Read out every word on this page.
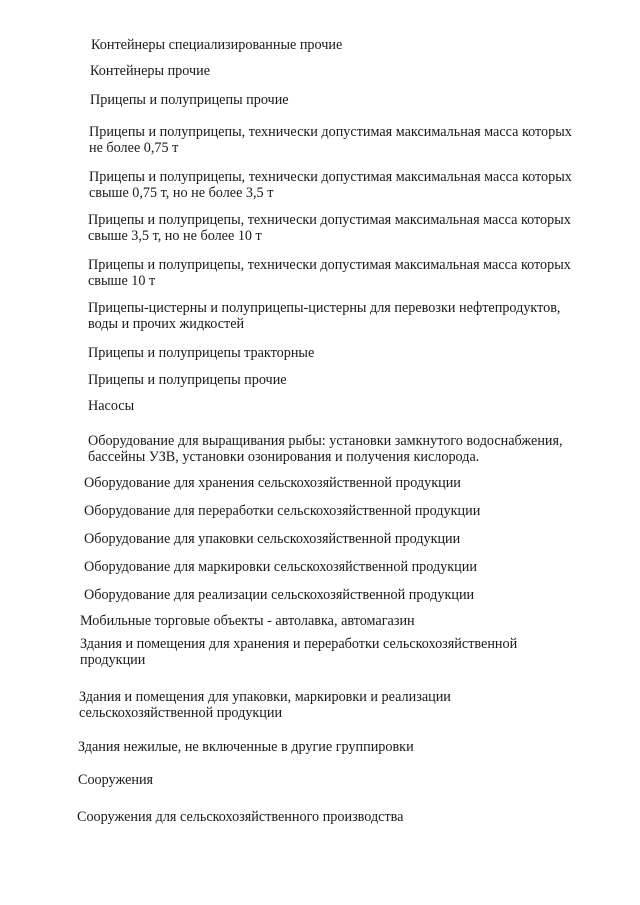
Контейнеры специализированные прочие
Контейнеры прочие
Прицепы и полуприцепы прочие
Прицепы и полуприцепы, технически допустимая максимальная масса которых
не более 0,75 т
Прицепы и полуприцепы, технически допустимая максимальная масса которых
свыше 0,75 т, но не более 3,5 т
Прицепы и полуприцепы, технически допустимая максимальная масса которых
свыше 3,5 т, но не более 10 т
Прицепы и полуприцепы, технически допустимая максимальная масса которых
свыше 10 т
Прицепы-цистерны и полуприцепы-цистерны для перевозки нефтепродуктов,
воды и прочих жидкостей
Прицепы и полуприцепы тракторные
Прицепы и полуприцепы прочие
Насосы
Оборудование для выращивания рыбы: установки замкнутого водоснабжения,
бассейны УЗВ, установки озонирования и получения кислорода.
Оборудование для хранения сельскохозяйственной продукции
Оборудование для переработки сельскохозяйственной продукции
Оборудование для упаковки сельскохозяйственной продукции
Оборудование для маркировки сельскохозяйственной продукции
Оборудование для реализации сельскохозяйственной продукции
Мобильные торговые объекты - автолавка, автомагазин
Здания и помещения для хранения и переработки сельскохозяйственной
продукции
Здания и помещения для упаковки, маркировки и реализации
сельскохозяйственной продукции
Здания нежилые, не включенные в другие группировки
Сооружения
Сооружения для сельскохозяйственного производства
